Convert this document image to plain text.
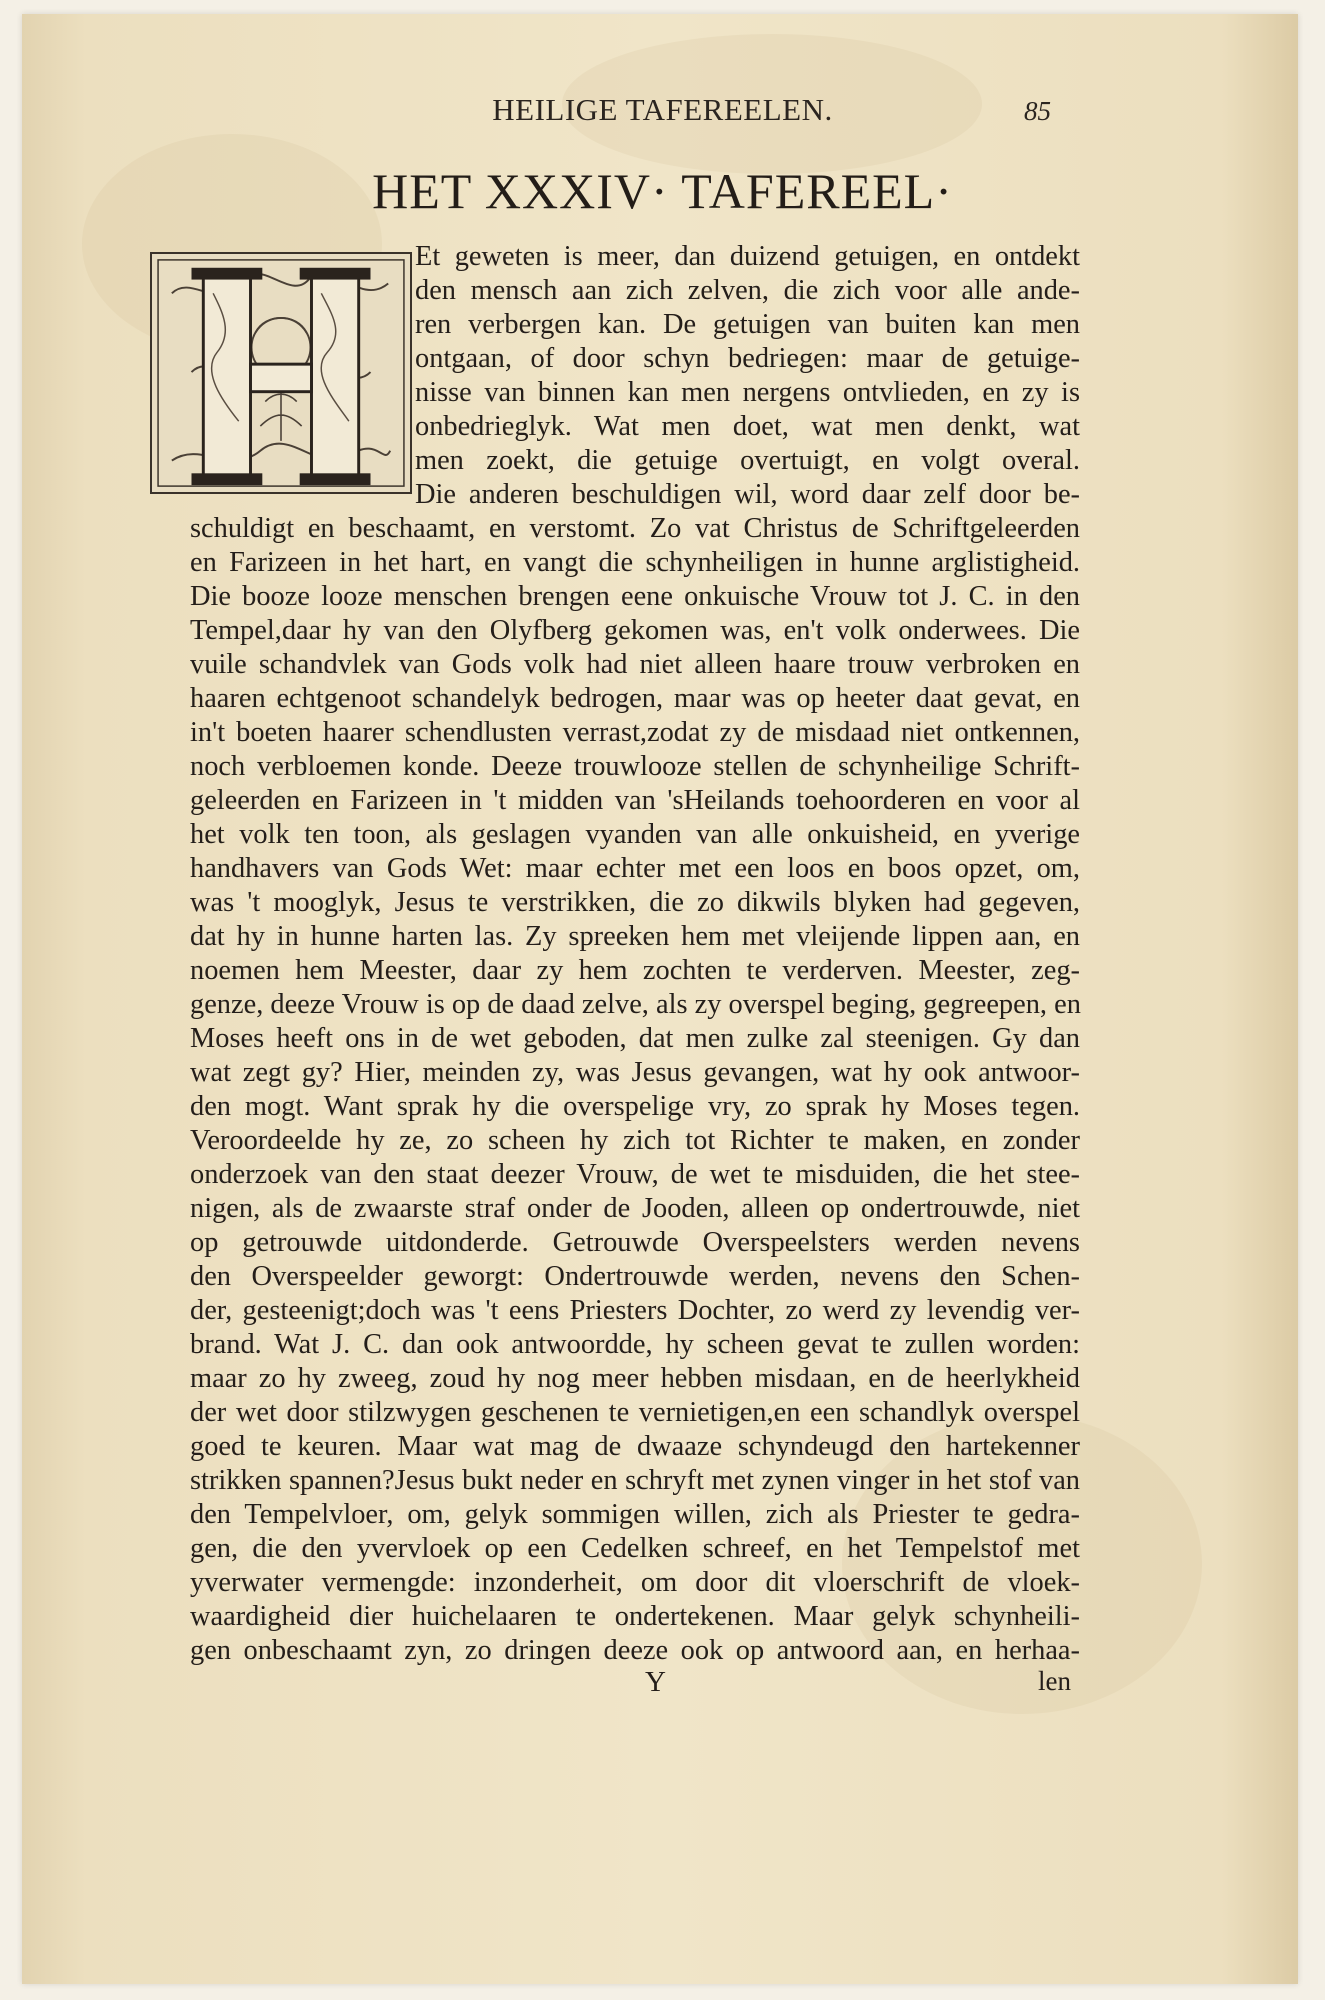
HEILIGE TAFEREELEN.	85
HET XXXIV· TAFEREEL·
Et geweten is meer, dan duizend getuigen, en ontdekt
den mensch aan zich zelven, die zich voor alle ande-
ren verbergen kan. De getuigen van buiten kan men
ontgaan, of door schyn bedriegen: maar de getuige-
nisse van binnen kan men nergens ontvlieden, en zy is
onbedrieglyk. Wat men doet, wat men denkt, wat
men zoekt, die getuige overtuigt, en volgt overal.
Die anderen beschuldigen wil, word daar zelf door be-
schuldigt en beschaamt, en verstomt. Zo vat Christus de Schriftgeleerden
en Farizeen in het hart, en vangt die schynheiligen in hunne arglistigheid.
Die booze looze menschen brengen eene onkuische Vrouw tot J. C. in den
Tempel,daar hy van den Olyfberg gekomen was, en't volk onderwees. Die
vuile schandvlek van Gods volk had niet alleen haare trouw verbroken en
haaren echtgenoot schandelyk bedrogen, maar was op heeter daat gevat, en
in't boeten haarer schendlusten verrast,zodat zy de misdaad niet ontkennen,
noch verbloemen konde. Deeze trouwlooze stellen de schynheilige Schrift-
geleerden en Farizeen in 't midden van 'sHeilands toehoorderen en voor al
het volk ten toon, als geslagen vyanden van alle onkuisheid, en yverige
handhavers van Gods Wet: maar echter met een loos en boos opzet, om,
was 't mooglyk, Jesus te verstrikken, die zo dikwils blyken had gegeven,
dat hy in hunne harten las. Zy spreeken hem met vleijende lippen aan, en
noemen hem Meester, daar zy hem zochten te verderven. Meester, zeg-
genze, deeze Vrouw is op de daad zelve, als zy overspel beging, gegreepen, en
Moses heeft ons in de wet geboden, dat men zulke zal steenigen. Gy dan
wat zegt gy? Hier, meinden zy, was Jesus gevangen, wat hy ook antwoor-
den mogt. Want sprak hy die overspelige vry, zo sprak hy Moses tegen.
Veroordeelde hy ze, zo scheen hy zich tot Richter te maken, en zonder
onderzoek van den staat deezer Vrouw, de wet te misduiden, die het stee-
nigen, als de zwaarste straf onder de Jooden, alleen op ondertrouwde, niet
op getrouwde uitdonderde. Getrouwde Overspeelsters werden nevens
den Overspeelder geworgt: Ondertrouwde werden, nevens den Schen-
der, gesteenigt;doch was 't eens Priesters Dochter, zo werd zy levendig ver-
brand. Wat J. C. dan ook antwoordde, hy scheen gevat te zullen worden:
maar zo hy zweeg, zoud hy nog meer hebben misdaan, en de heerlykheid
der wet door stilzwygen geschenen te vernietigen,en een schandlyk overspel
goed te keuren. Maar wat mag de dwaaze schyndeugd den hartekenner
strikken spannen?Jesus bukt neder en schryft met zynen vinger in het stof van
den Tempelvloer, om, gelyk sommigen willen, zich als Priester te gedra-
gen, die den yvervloek op een Cedelken schreef, en het Tempelstof met
yverwater vermengde: inzonderheit, om door dit vloerschrift de vloek-
waardigheid dier huichelaaren te ondertekenen. Maar gelyk schynheili-
gen onbeschaamt zyn, zo dringen deeze ook op antwoord aan, en herhaa-
Y	len
